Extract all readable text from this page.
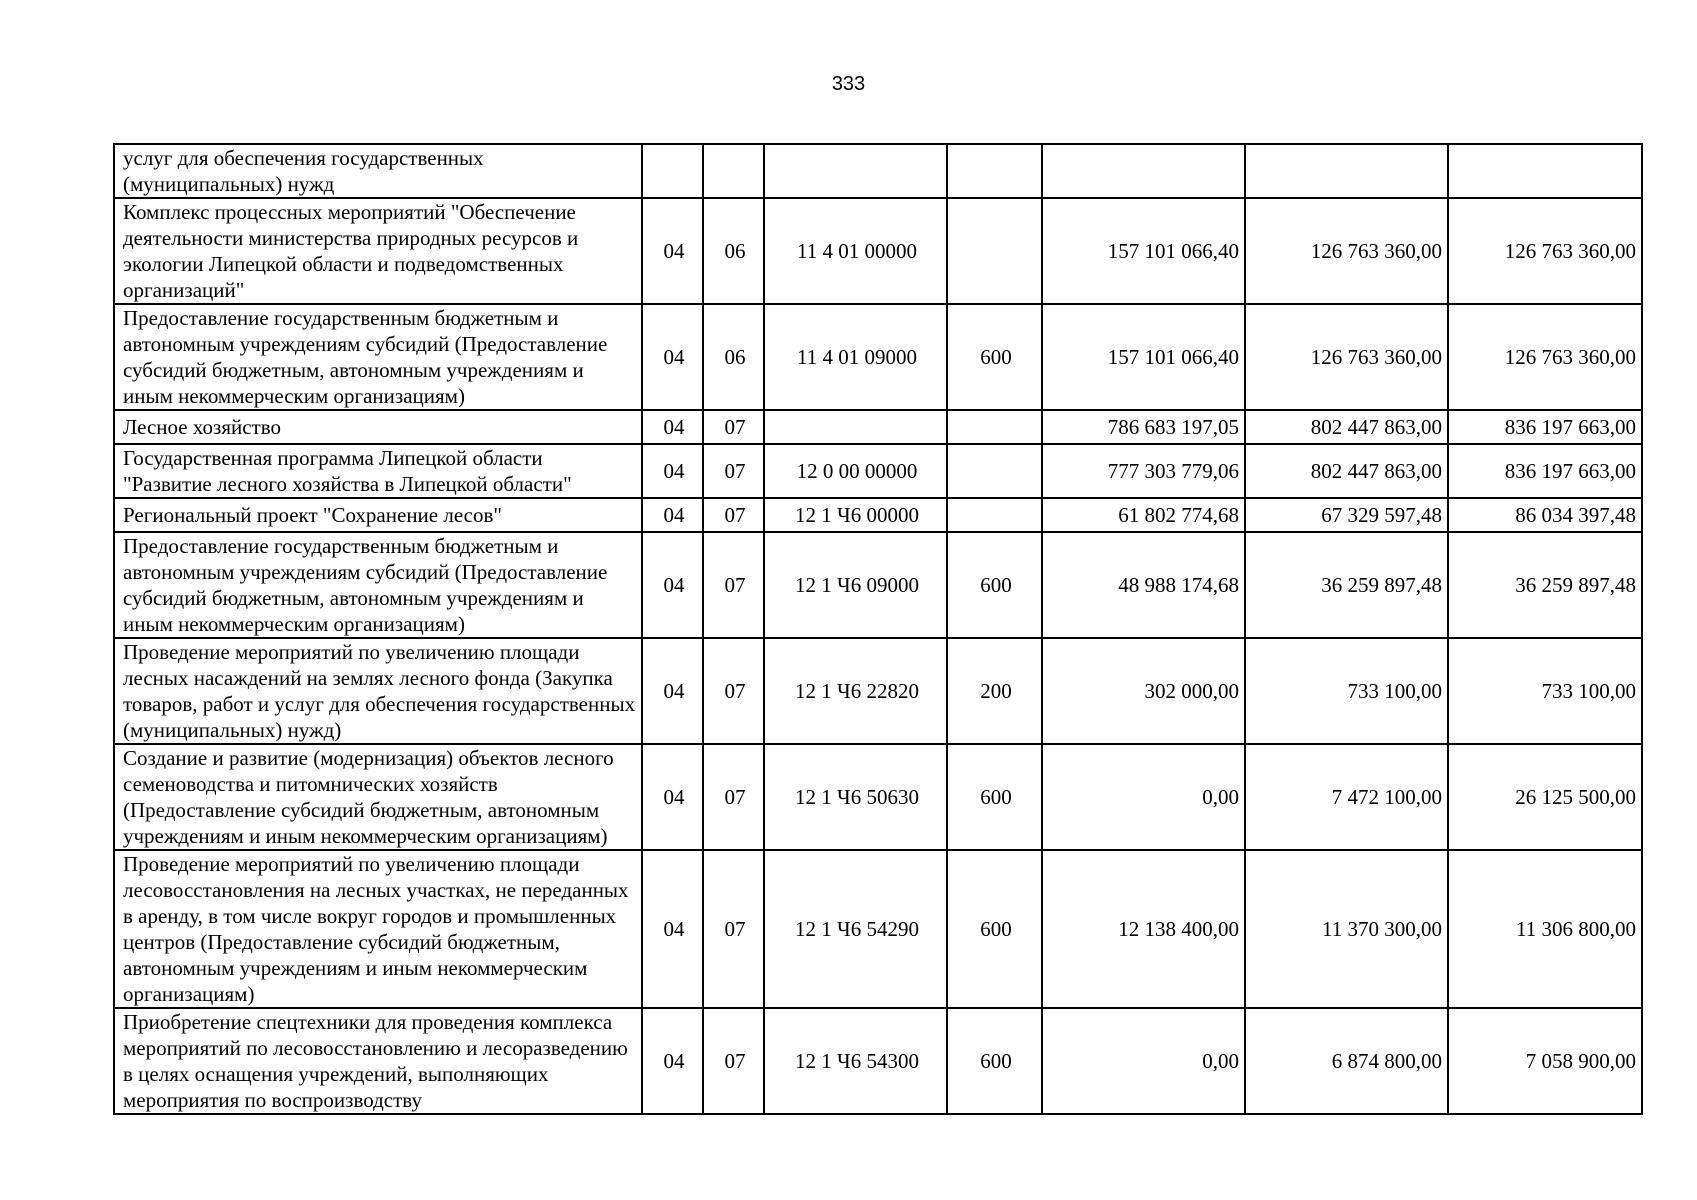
333
услуг для обеспечения государственных (муниципальных) нужд							
Комплекс процессных мероприятий "Обеспечение деятельности министерства природных ресурсов и экологии Липецкой области и подведомственных организаций"	04	06	11 4 01 00000		157 101 066,40	126 763 360,00	126 763 360,00
Предоставление государственным бюджетным и автономным учреждениям субсидий (Предоставление субсидий бюджетным, автономным учреждениям и иным некоммерческим организациям)	04	06	11 4 01 09000	600	157 101 066,40	126 763 360,00	126 763 360,00
Лесное хозяйство	04	07			786 683 197,05	802 447 863,00	836 197 663,00
Государственная программа Липецкой области "Развитие лесного хозяйства в Липецкой области"	04	07	12 0 00 00000		777 303 779,06	802 447 863,00	836 197 663,00
Региональный проект "Сохранение лесов"	04	07	12 1 Ч6 00000		61 802 774,68	67 329 597,48	86 034 397,48
Предоставление государственным бюджетным и автономным учреждениям субсидий (Предоставление субсидий бюджетным, автономным учреждениям и иным некоммерческим организациям)	04	07	12 1 Ч6 09000	600	48 988 174,68	36 259 897,48	36 259 897,48
Проведение мероприятий по увеличению площади лесных насаждений на землях лесного фонда (Закупка товаров, работ и услуг для обеспечения государственных (муниципальных) нужд)	04	07	12 1 Ч6 22820	200	302 000,00	733 100,00	733 100,00
Создание и развитие (модернизация) объектов лесного семеноводства и питомнических хозяйств (Предоставление субсидий бюджетным, автономным учреждениям и иным некоммерческим организациям)	04	07	12 1 Ч6 50630	600	0,00	7 472 100,00	26 125 500,00
Проведение мероприятий по увеличению площади лесовосстановления на лесных участках, не переданных в аренду, в том числе вокруг городов и промышленных центров (Предоставление субсидий бюджетным, автономным учреждениям и иным некоммерческим организациям)	04	07	12 1 Ч6 54290	600	12 138 400,00	11 370 300,00	11 306 800,00
Приобретение спецтехники для проведения комплекса мероприятий по лесовосстановлению и лесоразведению в целях оснащения учреждений, выполняющих мероприятия по воспроизводству	04	07	12 1 Ч6 54300	600	0,00	6 874 800,00	7 058 900,00
